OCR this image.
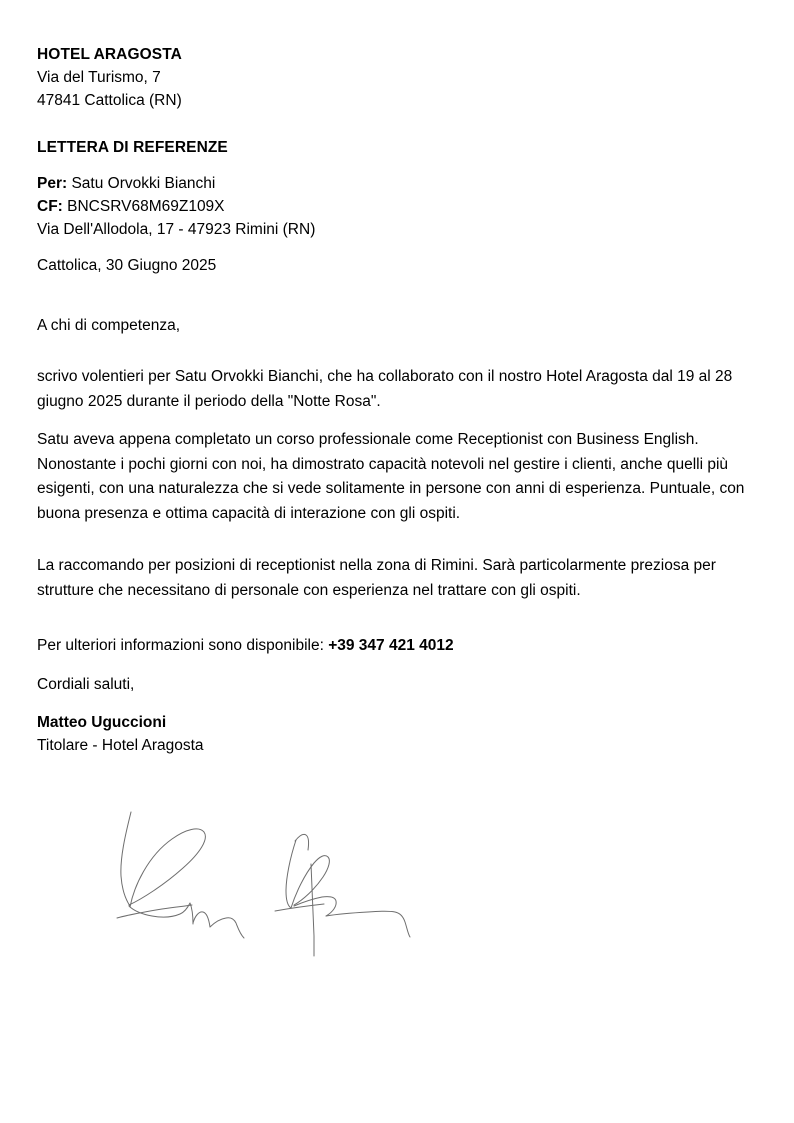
HOTEL ARAGOSTA
Via del Turismo, 7
47841 Cattolica (RN)
LETTERA DI REFERENZE
Per: Satu Orvokki Bianchi
CF: BNCSRV68M69Z109X
Via Dell'Allodola, 17 - 47923 Rimini (RN)
Cattolica, 30 Giugno 2025
A chi di competenza,
scrivo volentieri per Satu Orvokki Bianchi, che ha collaborato con il nostro Hotel Aragosta dal 19 al 28 giugno 2025 durante il periodo della "Notte Rosa".
Satu aveva appena completato un corso professionale come Receptionist con Business English. Nonostante i pochi giorni con noi, ha dimostrato capacità notevoli nel gestire i clienti, anche quelli più esigenti, con una naturalezza che si vede solitamente in persone con anni di esperienza. Puntuale, con buona presenza e ottima capacità di interazione con gli ospiti.
La raccomando per posizioni di receptionist nella zona di Rimini. Sarà particolarmente preziosa per strutture che necessitano di personale con esperienza nel trattare con gli ospiti.
Per ulteriori informazioni sono disponibile: +39 347 421 4012
Cordiali saluti,
Matteo Uguccioni
Titolare - Hotel Aragosta
